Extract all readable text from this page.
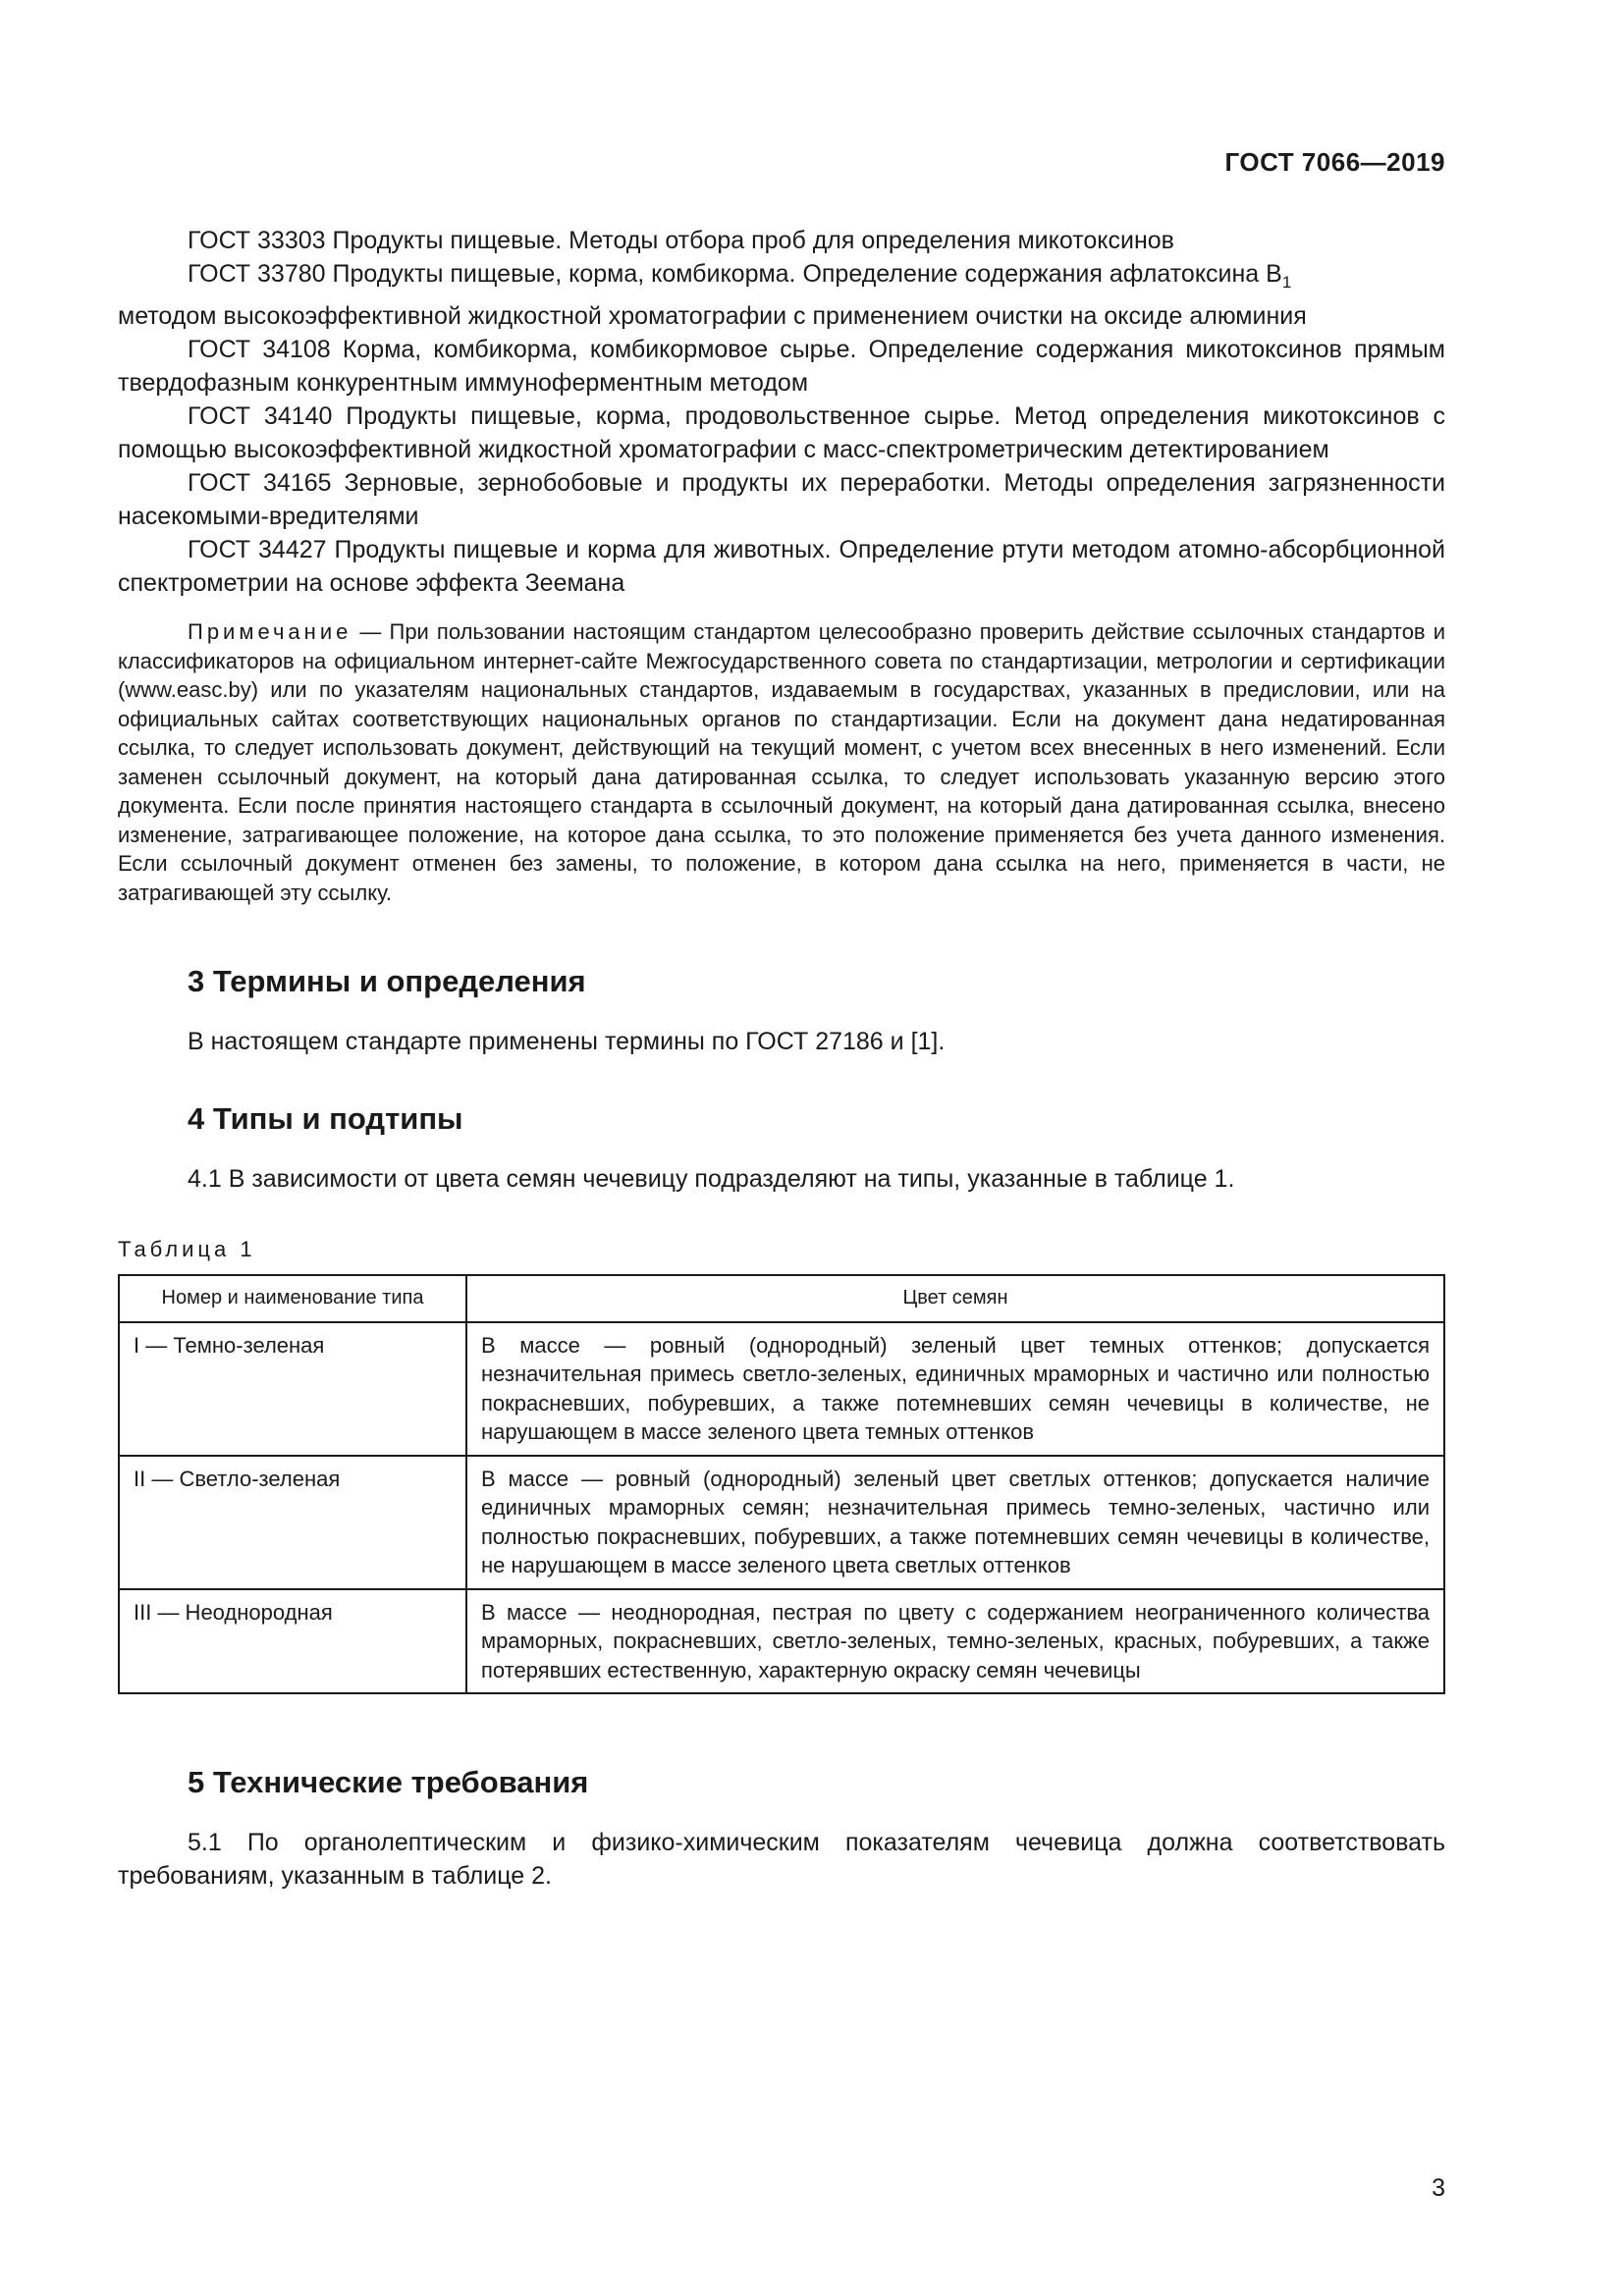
ГОСТ 7066—2019

ГОСТ 33303 Продукты пищевые. Методы отбора проб для определения микотоксинов

ГОСТ 33780 Продукты пищевые, корма, комбикорма. Определение содержания афлатоксина $B_1$

методом высокоэффективной жидкостной хроматографии с применением очистки на оксиде алюминия

ГОСТ 34108 Корма, комбикорма, комбикормовое сырье. Определение содержания микотоксинов прямым твердофазным конкурентным иммуноферментным методом

ГОСТ 34140 Продукты пищевые, корма, продовольственное сырье. Метод определения микотоксинов с помощью высокоэффективной жидкостной хроматографии с масс-спектрометрическим детектированием

ГОСТ 34165 Зерновые, зернобобовые и продукты их переработки. Методы определения загрязненности насекомыми-вредителями

ГОСТ 34427 Продукты пищевые и корма для животных. Определение ртути методом атомно-абсорбционной спектрометрии на основе эффекта Зеемана

Примечание — При пользовании настоящим стандартом целесообразно проверить действие ссылочных стандартов и классификаторов на официальном интернет-сайте Межгосударственного совета по стандартизации, метрологии и сертификации (www.easc.by) или по указателям национальных стандартов, издаваемым в государствах, указанных в предисловии, или на официальных сайтах соответствующих национальных органов по стандартизации. Если на документ дана недатированная ссылка, то следует использовать документ, действующий на текущий момент, с учетом всех внесенных в него изменений. Если заменен ссылочный документ, на который дана датированная ссылка, то следует использовать указанную версию этого документа. Если после принятия настоящего стандарта в ссылочный документ, на который дана датированная ссылка, внесено изменение, затрагивающее положение, на которое дана ссылка, то это положение применяется без учета данного изменения. Если ссылочный документ отменен без замены, то положение, в котором дана ссылка на него, применяется в части, не затрагивающей эту ссылку.

3 Термины и определения

В настоящем стандарте применены термины по ГОСТ 27186 и [1].

4 Типы и подтипы

4.1 В зависимости от цвета семян чечевицу подразделяют на типы, указанные в таблице 1.

Таблица 1
Номер и наименование типа	Цвет семян
I — Темно-зеленая	В массе — ровный (однородный) зеленый цвет темных оттенков; допускается незначительная примесь светло-зеленых, единичных мраморных и частично или полностью покрасневших, побуревших, а также потемневших семян чечевицы в количестве, не нарушающем в массе зеленого цвета темных оттенков
II — Светло-зеленая	В массе — ровный (однородный) зеленый цвет светлых оттенков; допускается наличие единичных мраморных семян; незначительная примесь темно-зеленых, частично или полностью покрасневших, побуревших, а также потемневших семян чечевицы в количестве, не нарушающем в массе зеленого цвета светлых оттенков
III — Неоднородная	В массе — неоднородная, пестрая по цвету с содержанием неограниченного количества мраморных, покрасневших, светло-зеленых, темно-зеленых, красных, побуревших, а также потерявших естественную, характерную окраску семян чечевицы
5 Технические требования

5.1 По органолептическим и физико-химическим показателям чечевица должна соответствовать требованиям, указанным в таблице 2.

3
